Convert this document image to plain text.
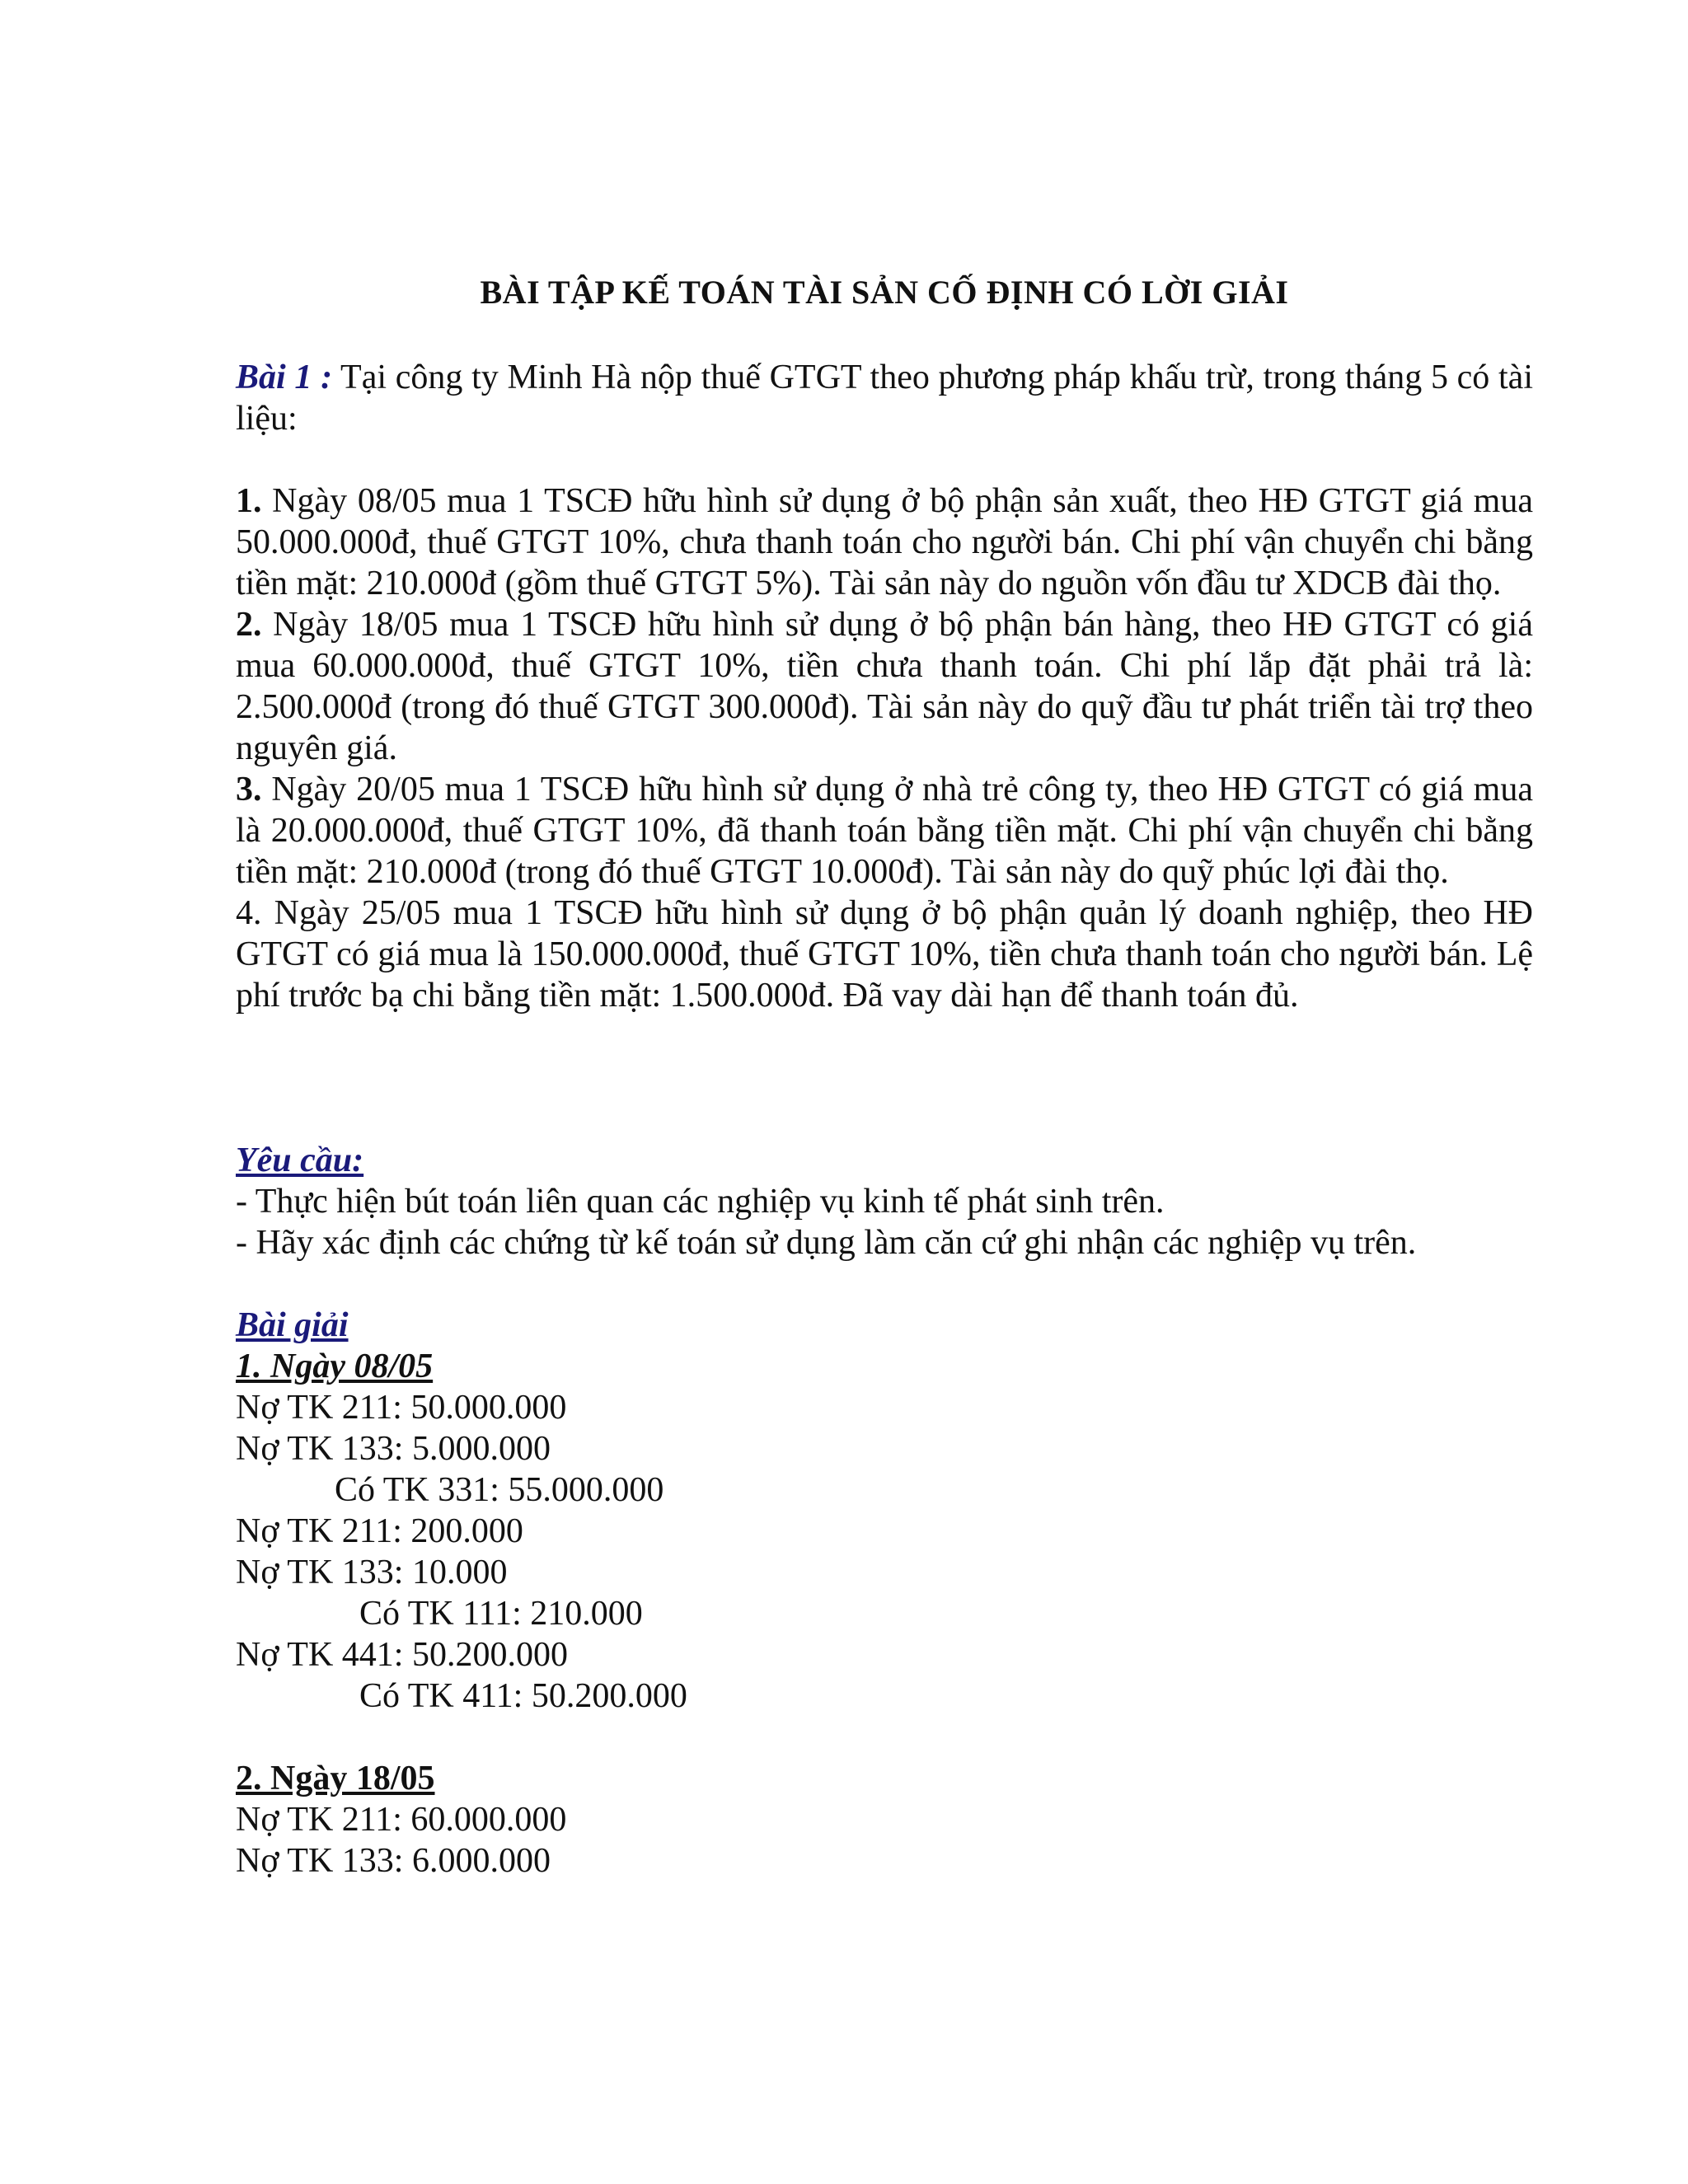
BÀI TẬP KẾ TOÁN TÀI SẢN CỐ ĐỊNH CÓ LỜI GIẢI

Bài 1 : Tại công ty Minh Hà nộp thuế GTGT theo phương pháp khấu trừ, trong tháng 5 có tài liệu:

1. Ngày 08/05 mua 1 TSCĐ hữu hình sử dụng ở bộ phận sản xuất, theo HĐ GTGT giá mua 50.000.000đ, thuế GTGT 10%, chưa thanh toán cho người bán. Chi phí vận chuyển chi bằng tiền mặt: 210.000đ (gồm thuế GTGT 5%). Tài sản này do nguồn vốn đầu tư XDCB đài thọ.

2. Ngày 18/05 mua 1 TSCĐ hữu hình sử dụng ở bộ phận bán hàng, theo HĐ GTGT có giá mua 60.000.000đ, thuế GTGT 10%, tiền chưa thanh toán. Chi phí lắp đặt phải trả là: 2.500.000đ (trong đó thuế GTGT 300.000đ). Tài sản này do quỹ đầu tư phát triển tài trợ theo nguyên giá.

3. Ngày 20/05 mua 1 TSCĐ hữu hình sử dụng ở nhà trẻ công ty, theo HĐ GTGT có giá mua là 20.000.000đ, thuế GTGT 10%, đã thanh toán bằng tiền mặt. Chi phí vận chuyển chi bằng tiền mặt: 210.000đ (trong đó thuế GTGT 10.000đ). Tài sản này do quỹ phúc lợi đài thọ.

4. Ngày 25/05 mua 1 TSCĐ hữu hình sử dụng ở bộ phận quản lý doanh nghiệp, theo HĐ GTGT có giá mua là 150.000.000đ, thuế GTGT 10%, tiền chưa thanh toán cho người bán. Lệ phí trước bạ chi bằng tiền mặt: 1.500.000đ. Đã vay dài hạn để thanh toán đủ.

Yêu cầu:

- Thực hiện bút toán liên quan các nghiệp vụ kinh tế phát sinh trên.

- Hãy xác định các chứng từ kế toán sử dụng làm căn cứ ghi nhận các nghiệp vụ trên.

Bài giải

1. Ngày 08/05

Nợ TK 211: 50.000.000

Nợ TK 133: 5.000.000

Có TK 331: 55.000.000

Nợ TK 211: 200.000

Nợ TK 133: 10.000

Có TK 111: 210.000

Nợ TK 441: 50.200.000

Có TK 411: 50.200.000

2. Ngày 18/05

Nợ TK 211: 60.000.000

Nợ TK 133: 6.000.000
